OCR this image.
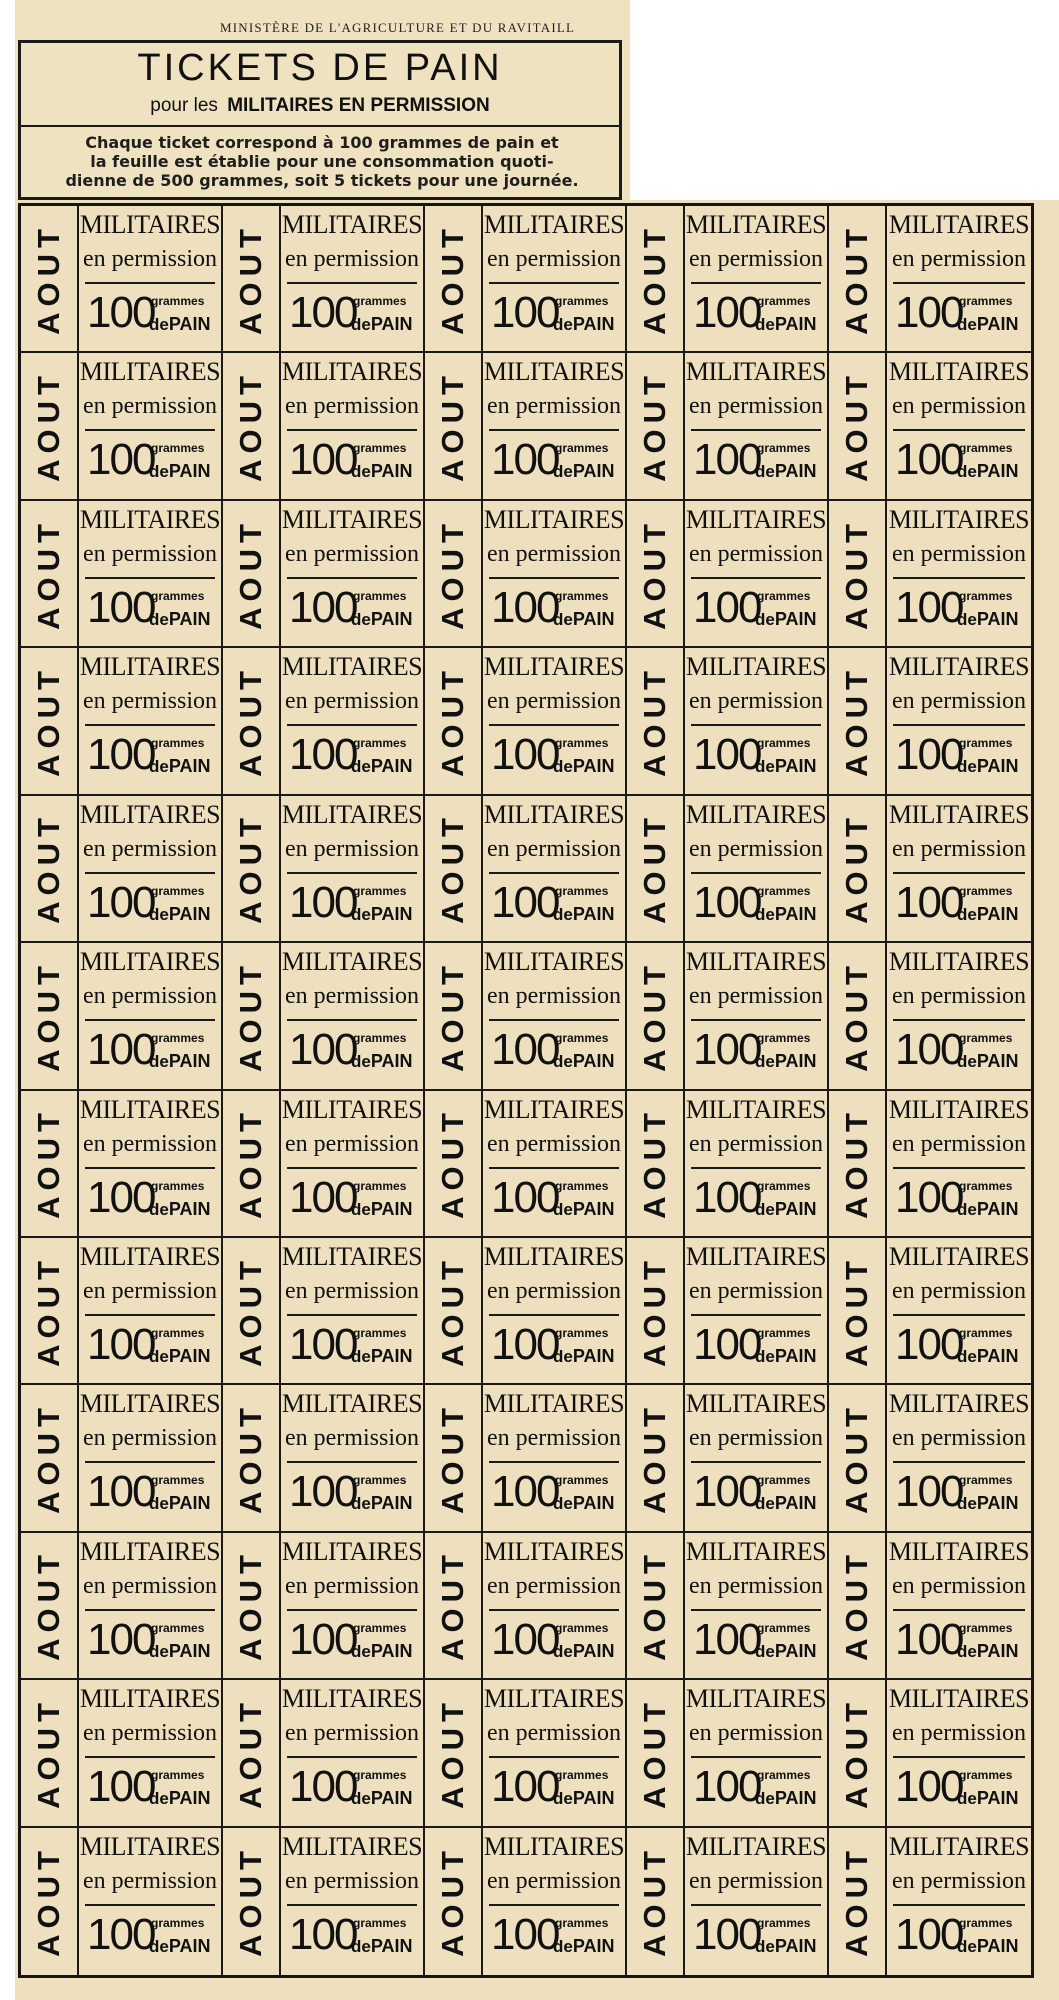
MINISTÈRE DE L'AGRICULTURE ET DU RAVITAILL
TICKETS DE PAIN
pour les MILITAIRES EN PERMISSION
Chaque ticket correspond à 100 grammes de pain et
la feuille est établie pour une consommation quoti-
dienne de 500 grammes, soit 5 tickets pour une journée.
AOUT MILITAIRES
en permission
100
grammes
dePAIN AOUT MILITAIRES
en permission
100
grammes
dePAIN AOUT MILITAIRES
en permission
100
grammes
dePAIN AOUT MILITAIRES
en permission
100
grammes
dePAIN AOUT MILITAIRES
en permission
100
grammes
dePAIN
AOUT MILITAIRES
en permission
100
grammes
dePAIN AOUT MILITAIRES
en permission
100
grammes
dePAIN AOUT MILITAIRES
en permission
100
grammes
dePAIN AOUT MILITAIRES
en permission
100
grammes
dePAIN AOUT MILITAIRES
en permission
100
grammes
dePAIN
AOUT MILITAIRES
en permission
100
grammes
dePAIN AOUT MILITAIRES
en permission
100
grammes
dePAIN AOUT MILITAIRES
en permission
100
grammes
dePAIN AOUT MILITAIRES
en permission
100
grammes
dePAIN AOUT MILITAIRES
en permission
100
grammes
dePAIN
AOUT MILITAIRES
en permission
100
grammes
dePAIN AOUT MILITAIRES
en permission
100
grammes
dePAIN AOUT MILITAIRES
en permission
100
grammes
dePAIN AOUT MILITAIRES
en permission
100
grammes
dePAIN AOUT MILITAIRES
en permission
100
grammes
dePAIN
AOUT MILITAIRES
en permission
100
grammes
dePAIN AOUT MILITAIRES
en permission
100
grammes
dePAIN AOUT MILITAIRES
en permission
100
grammes
dePAIN AOUT MILITAIRES
en permission
100
grammes
dePAIN AOUT MILITAIRES
en permission
100
grammes
dePAIN
AOUT MILITAIRES
en permission
100
grammes
dePAIN AOUT MILITAIRES
en permission
100
grammes
dePAIN AOUT MILITAIRES
en permission
100
grammes
dePAIN AOUT MILITAIRES
en permission
100
grammes
dePAIN AOUT MILITAIRES
en permission
100
grammes
dePAIN
AOUT MILITAIRES
en permission
100
grammes
dePAIN AOUT MILITAIRES
en permission
100
grammes
dePAIN AOUT MILITAIRES
en permission
100
grammes
dePAIN AOUT MILITAIRES
en permission
100
grammes
dePAIN AOUT MILITAIRES
en permission
100
grammes
dePAIN
AOUT MILITAIRES
en permission
100
grammes
dePAIN AOUT MILITAIRES
en permission
100
grammes
dePAIN AOUT MILITAIRES
en permission
100
grammes
dePAIN AOUT MILITAIRES
en permission
100
grammes
dePAIN AOUT MILITAIRES
en permission
100
grammes
dePAIN
AOUT MILITAIRES
en permission
100
grammes
dePAIN AOUT MILITAIRES
en permission
100
grammes
dePAIN AOUT MILITAIRES
en permission
100
grammes
dePAIN AOUT MILITAIRES
en permission
100
grammes
dePAIN AOUT MILITAIRES
en permission
100
grammes
dePAIN
AOUT MILITAIRES
en permission
100
grammes
dePAIN AOUT MILITAIRES
en permission
100
grammes
dePAIN AOUT MILITAIRES
en permission
100
grammes
dePAIN AOUT MILITAIRES
en permission
100
grammes
dePAIN AOUT MILITAIRES
en permission
100
grammes
dePAIN
AOUT MILITAIRES
en permission
100
grammes
dePAIN AOUT MILITAIRES
en permission
100
grammes
dePAIN AOUT MILITAIRES
en permission
100
grammes
dePAIN AOUT MILITAIRES
en permission
100
grammes
dePAIN AOUT MILITAIRES
en permission
100
grammes
dePAIN
AOUT MILITAIRES
en permission
100
grammes
dePAIN AOUT MILITAIRES
en permission
100
grammes
dePAIN AOUT MILITAIRES
en permission
100
grammes
dePAIN AOUT MILITAIRES
en permission
100
grammes
dePAIN AOUT MILITAIRES
en permission
100
grammes
dePAIN
